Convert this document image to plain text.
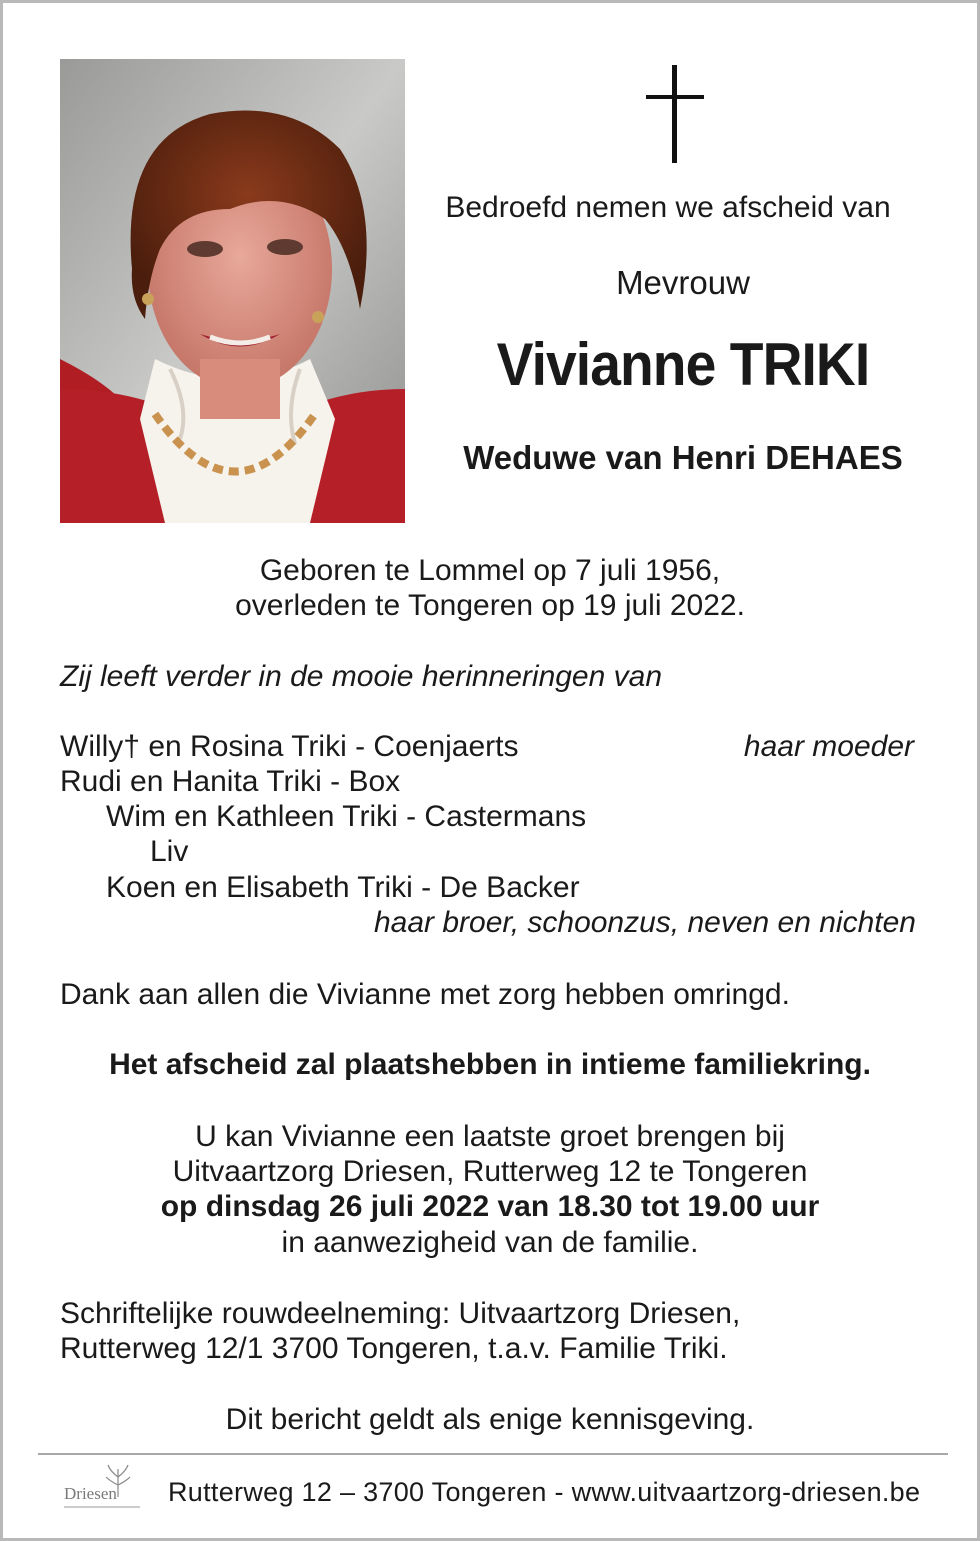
Bedroefd nemen we afscheid van
Mevrouw
Vivianne TRIKI
Weduwe van Henri DEHAES
Geboren te Lommel op 7 juli 1956,
overleden te Tongeren op 19 juli 2022.
Zij leeft verder in de mooie herinneringen van
Willy† en Rosina Triki - Coenjaerts	haar moeder
Rudi en Hanita Triki - Box
Wim en Kathleen Triki - Castermans
Liv
Koen en Elisabeth Triki - De Backer
haar broer, schoonzus, neven en nichten
Dank aan allen die Vivianne met zorg hebben omringd.
Het afscheid zal plaatshebben in intieme familiekring.
U kan Vivianne een laatste groet brengen bij
Uitvaartzorg Driesen, Rutterweg 12 te Tongeren
op dinsdag 26 juli 2022 van 18.30 tot 19.00 uur
in aanwezigheid van de familie.
Schriftelijke rouwdeelneming: Uitvaartzorg Driesen,
Rutterweg 12/1 3700 Tongeren, t.a.v. Familie Triki.
Dit bericht geldt als enige kennisgeving.
Driesen Rutterweg 12 – 3700 Tongeren - www.uitvaartzorg-driesen.be
